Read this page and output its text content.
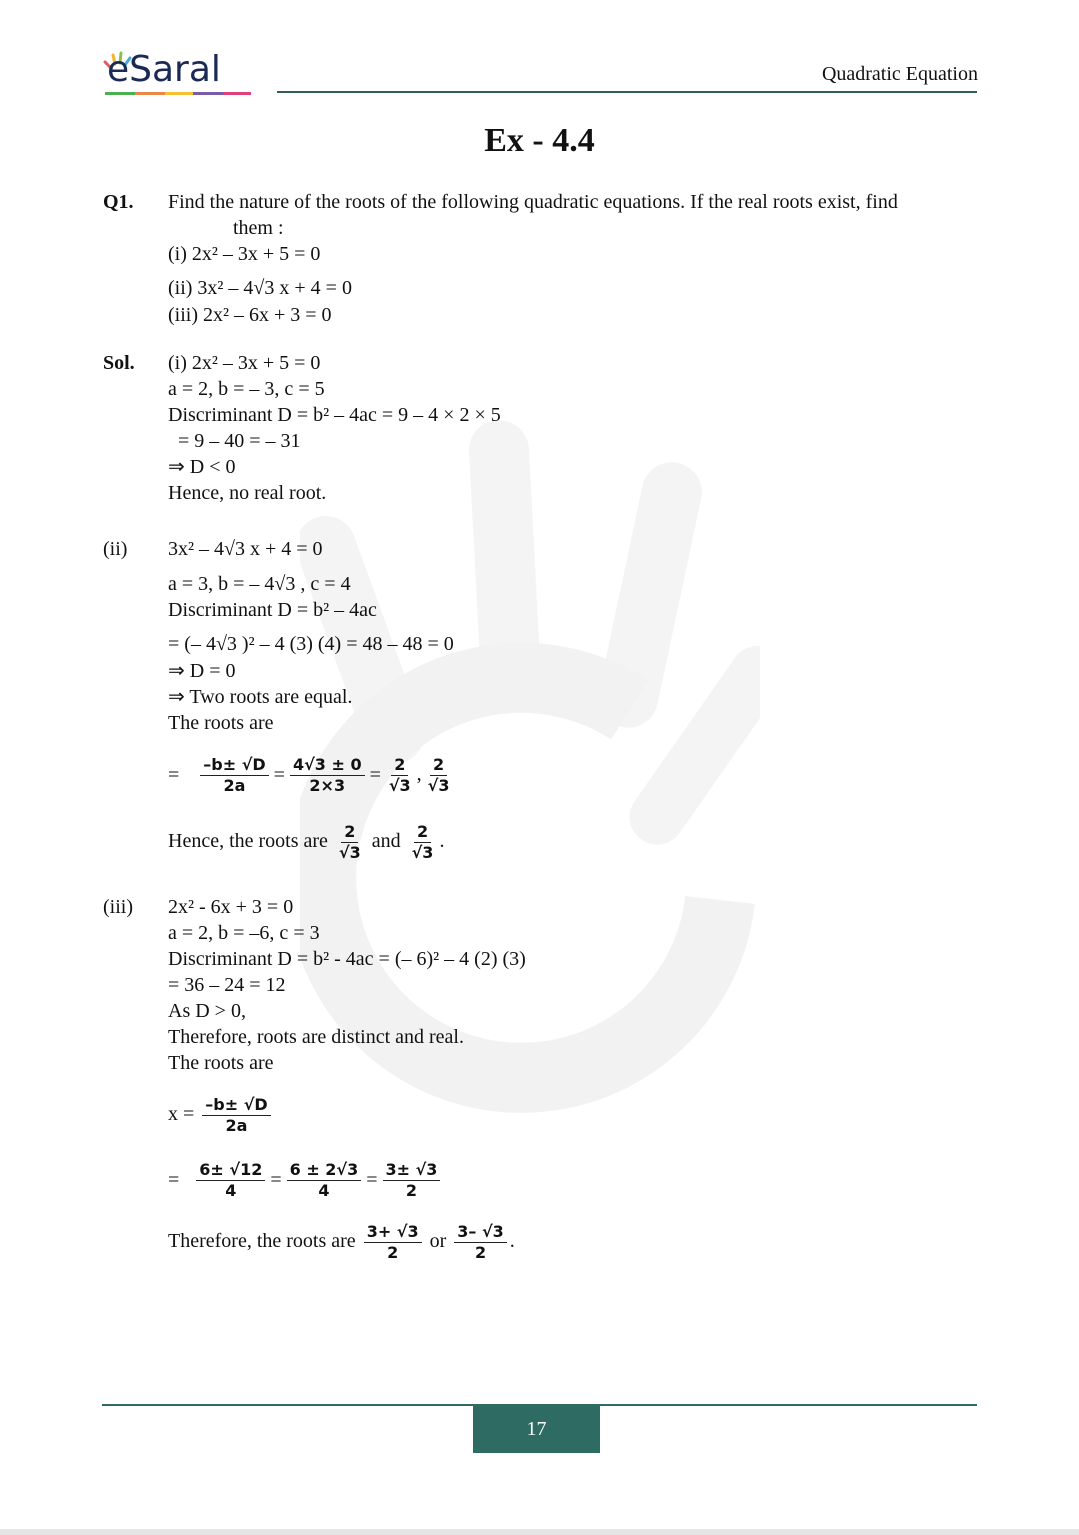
eSaral	Quadratic Equation
Ex - 4.4
Q1. Find the nature of the roots of the following quadratic equations. If the real roots exist, find
them :
(i) 2x² – 3x + 5 = 0
(ii) 3x² – 4√3 x + 4 = 0
(iii) 2x² – 6x + 3 = 0
Sol. (i) 2x² – 3x + 5 = 0
a = 2, b = – 3, c = 5
Discriminant D = b² – 4ac = 9 – 4 × 2 × 5
= 9 – 40 = – 31
⇒ D < 0
Hence, no real root.
(ii) 3x² – 4√3 x + 4 = 0
a = 3, b = – 4√3 , c = 4
Discriminant D = b² – 4ac
= (– 4√3 )² – 4 (3) (4) = 48 – 48 = 0
⇒ D = 0
⇒ Two roots are equal.
The roots are
= $\frac{-b\pm √D}{2a} = \frac{4√3 \pm 0}{2\times 3} = \frac{2}{√3}$ , $\frac{2}{√3}$
Hence, the roots are $\frac{2}{√3}$ and $\frac{2}{√3}$ .
(iii) 2x² - 6x + 3 = 0
a = 2, b = –6, c = 3
Discriminant D = b² - 4ac = (– 6)² – 4 (2) (3)
= 36 – 24 = 12
As D > 0,
Therefore, roots are distinct and real.
The roots are
$x = \frac{-b\pm √D}{2a}$
= $\frac{6\pm √12}{4} = \frac{6 \pm 2√3}{4} = \frac{3\pm √3}{2}$
Therefore, the roots are $\frac{3+ √3}{2}$ or $\frac{3- √3}{2}$ .
17
